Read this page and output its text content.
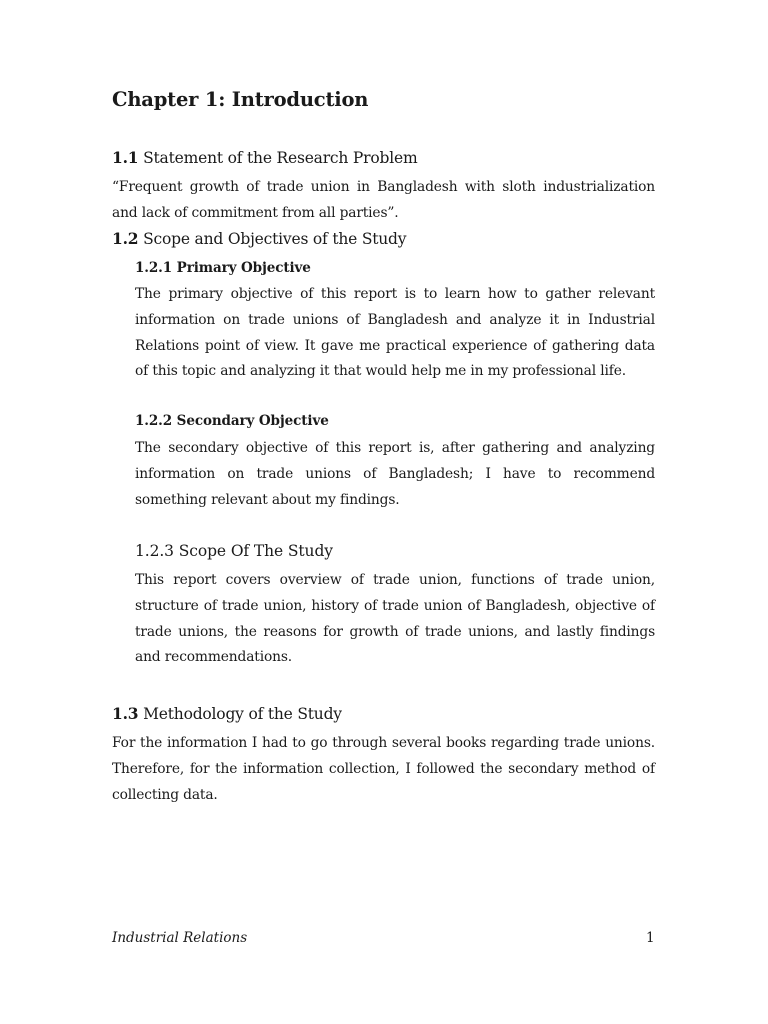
Chapter 1: Introduction
1.1 Statement of the Research Problem

“Frequent growth of trade union in Bangladesh with sloth industrialization and lack of commitment from all parties”.

1.2 Scope and Objectives of the Study
1.2.1 Primary Objective

The primary objective of this report is to learn how to gather relevant information on trade unions of Bangladesh and analyze it in Industrial Relations point of view. It gave me practical experience of gathering data of this topic and analyzing it that would help me in my professional life.

1.2.2 Secondary Objective

The secondary objective of this report is, after gathering and analyzing information on trade unions of Bangladesh; I have to recommend something relevant about my findings.

1.2.3 Scope Of The Study

This report covers overview of trade union, functions of trade union, structure of trade union, history of trade union of Bangladesh, objective of trade unions, the reasons for growth of trade unions, and lastly findings and recommendations.

1.3 Methodology of the Study

For the information I had to go through several books regarding trade unions. Therefore, for the information collection, I followed the secondary method of collecting data.

Industrial Relations	1
